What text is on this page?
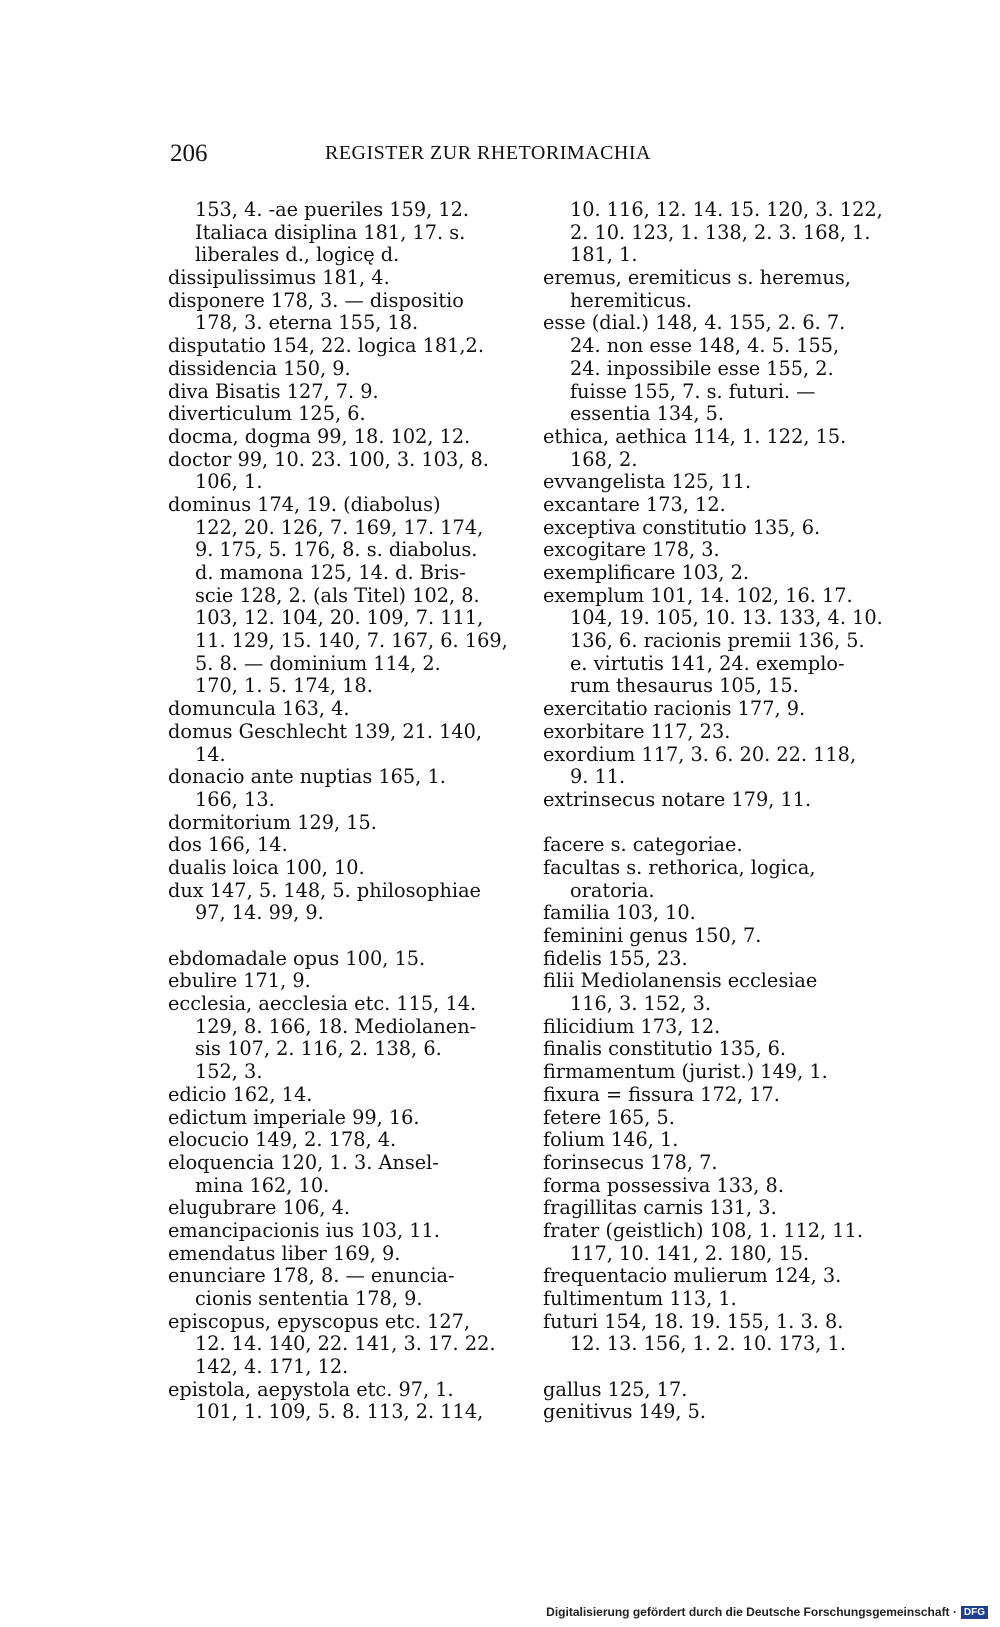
206	REGISTER ZUR RHETORIMACHIA
153, 4. -ae pueriles 159, 12.
Italiaca disiplina 181, 17. s.
liberales d., logicę d.
dissipulissimus 181, 4.
disponere 178, 3. — dispositio
178, 3. eterna 155, 18.
disputatio 154, 22. logica 181,2.
dissidencia 150, 9.
diva Bisatis 127, 7. 9.
diverticulum 125, 6.
docma, dogma 99, 18. 102, 12.
doctor 99, 10. 23. 100, 3. 103, 8.
106, 1.
dominus 174, 19. (diabolus)
122, 20. 126, 7. 169, 17. 174,
9. 175, 5. 176, 8. s. diabolus.
d. mamona 125, 14. d. Bris-
scie 128, 2. (als Titel) 102, 8.
103, 12. 104, 20. 109, 7. 111,
11. 129, 15. 140, 7. 167, 6. 169,
5. 8. — dominium 114, 2.
170, 1. 5. 174, 18.
domuncula 163, 4.
domus Geschlecht 139, 21. 140,
14.
donacio ante nuptias 165, 1.
166, 13.
dormitorium 129, 15.
dos 166, 14.
dualis loica 100, 10.
dux 147, 5. 148, 5. philosophiae
97, 14. 99, 9.
ebdomadale opus 100, 15.
ebulire 171, 9.
ecclesia, aecclesia etc. 115, 14.
129, 8. 166, 18. Mediolanen-
sis 107, 2. 116, 2. 138, 6.
152, 3.
edicio 162, 14.
edictum imperiale 99, 16.
elocucio 149, 2. 178, 4.
eloquencia 120, 1. 3. Ansel-
mina 162, 10.
elugubrare 106, 4.
emancipacionis ius 103, 11.
emendatus liber 169, 9.
enunciare 178, 8. — enuncia-
cionis sententia 178, 9.
episcopus, epyscopus etc. 127,
12. 14. 140, 22. 141, 3. 17. 22.
142, 4. 171, 12.
epistola, aepystola etc. 97, 1.
101, 1. 109, 5. 8. 113, 2. 114,
10. 116, 12. 14. 15. 120, 3. 122,
2. 10. 123, 1. 138, 2. 3. 168, 1.
181, 1.
eremus, eremiticus s. heremus,
heremiticus.
esse (dial.) 148, 4. 155, 2. 6. 7.
24. non esse 148, 4. 5. 155,
24. inpossibile esse 155, 2.
fuisse 155, 7. s. futuri. —
essentia 134, 5.
ethica, aethica 114, 1. 122, 15.
168, 2.
evvangelista 125, 11.
excantare 173, 12.
exceptiva constitutio 135, 6.
excogitare 178, 3.
exemplificare 103, 2.
exemplum 101, 14. 102, 16. 17.
104, 19. 105, 10. 13. 133, 4. 10.
136, 6. racionis premii 136, 5.
e. virtutis 141, 24. exemplo-
rum thesaurus 105, 15.
exercitatio racionis 177, 9.
exorbitare 117, 23.
exordium 117, 3. 6. 20. 22. 118,
9. 11.
extrinsecus notare 179, 11.
facere s. categoriae.
facultas s. rethorica, logica,
oratoria.
familia 103, 10.
feminini genus 150, 7.
fidelis 155, 23.
filii Mediolanensis ecclesiae
116, 3. 152, 3.
filicidium 173, 12.
finalis constitutio 135, 6.
firmamentum (jurist.) 149, 1.
fixura = fissura 172, 17.
fetere 165, 5.
folium 146, 1.
forinsecus 178, 7.
forma possessiva 133, 8.
fragillitas carnis 131, 3.
frater (geistlich) 108, 1. 112, 11.
117, 10. 141, 2. 180, 15.
frequentacio mulierum 124, 3.
fultimentum 113, 1.
futuri 154, 18. 19. 155, 1. 3. 8.
12. 13. 156, 1. 2. 10. 173, 1.
gallus 125, 17.
genitivus 149, 5.
Digitalisierung gefördert durch die Deutsche Forschungsgemeinschaft · DFG
